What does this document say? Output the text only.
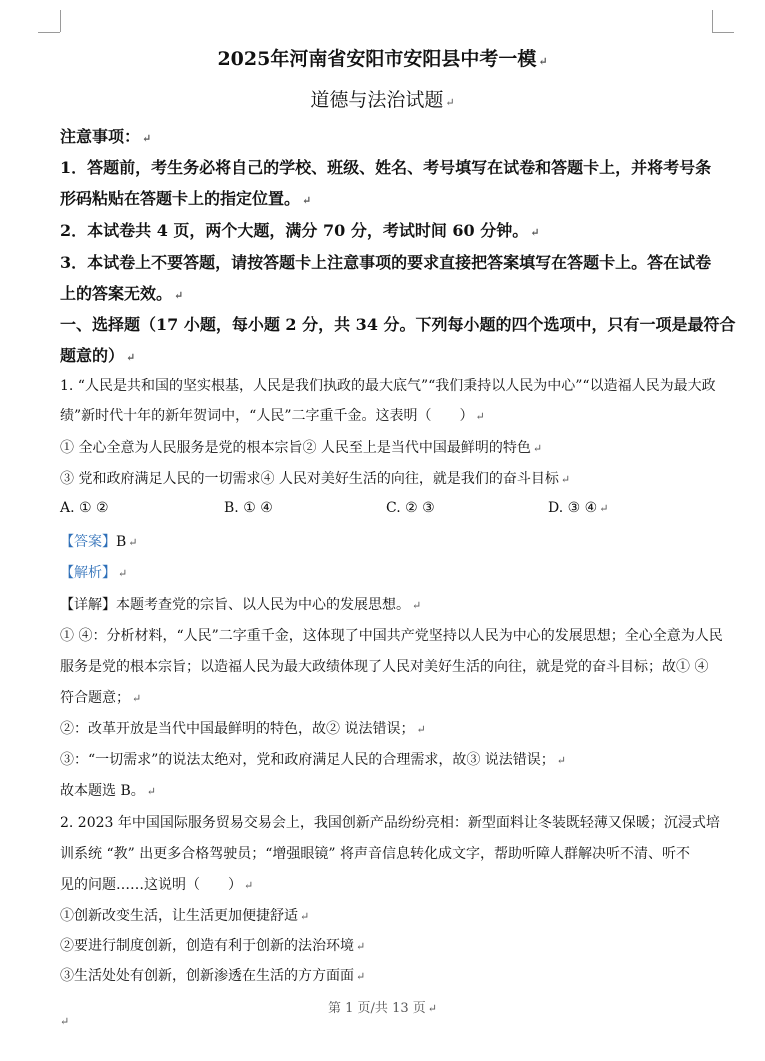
2025年河南省安阳市安阳县中考一模 ↵
道德与法治试题 ↵
注意事项： ↵
1．答题前，考生务必将自己的学校、班级、姓名、考号填写在试卷和答题卡上，并将考号条
形码粘贴在答题卡上的指定位置。 ↵
2．本试卷共 4 页，两个大题，满分 70 分，考试时间 60 分钟。 ↵
3．本试卷上不要答题，请按答题卡上注意事项的要求直接把答案填写在答题卡上。答在试卷
上的答案无效。 ↵
一、选择题（17 小题，每小题 2 分，共 34 分。下列每小题的四个选项中，只有一项是最符合
题意的） ↵
1. “人民是共和国的坚实根基，人民是我们执政的最大底气”“我们秉持以人民为中心”“以造福人民为最大政
绩”新时代十年的新年贺词中，“人民”二字重千金。这表明（　　） ↵
① 全心全意为人民服务是党的根本宗旨② 人民至上是当代中国最鲜明的特色 ↵
③ 党和政府满足人民的一切需求④ 人民对美好生活的向往，就是我们的奋斗目标 ↵
A. ① ②	B. ① ④	C. ② ③	D. ③ ④ ↵
【答案】B ↵
【解析】 ↵
【详解】本题考查党的宗旨、以人民为中心的发展思想。 ↵
① ④：分析材料，“人民”二字重千金，这体现了中国共产党坚持以人民为中心的发展思想；全心全意为人民
服务是党的根本宗旨；以造福人民为最大政绩体现了人民对美好生活的向往，就是党的奋斗目标；故① ④
符合题意； ↵
②：改革开放是当代中国最鲜明的特色，故② 说法错误； ↵
③：“一切需求”的说法太绝对，党和政府满足人民的合理需求，故③ 说法错误； ↵
故本题选 B。 ↵
2. 2023 年中国国际服务贸易交易会上，我国创新产品纷纷亮相：新型面料让冬装既轻薄又保暖；沉浸式培
训系统 “教” 出更多合格驾驶员；“增强眼镜” 将声音信息转化成文字，帮助听障人群解决听不清、听不
见的问题……这说明（　　） ↵
①创新改变生活，让生活更加便捷舒适 ↵
②要进行制度创新，创造有利于创新的法治环境 ↵
③生活处处有创新，创新渗透在生活的方方面面 ↵
第 1 页/共 13 页 ↵
↵
